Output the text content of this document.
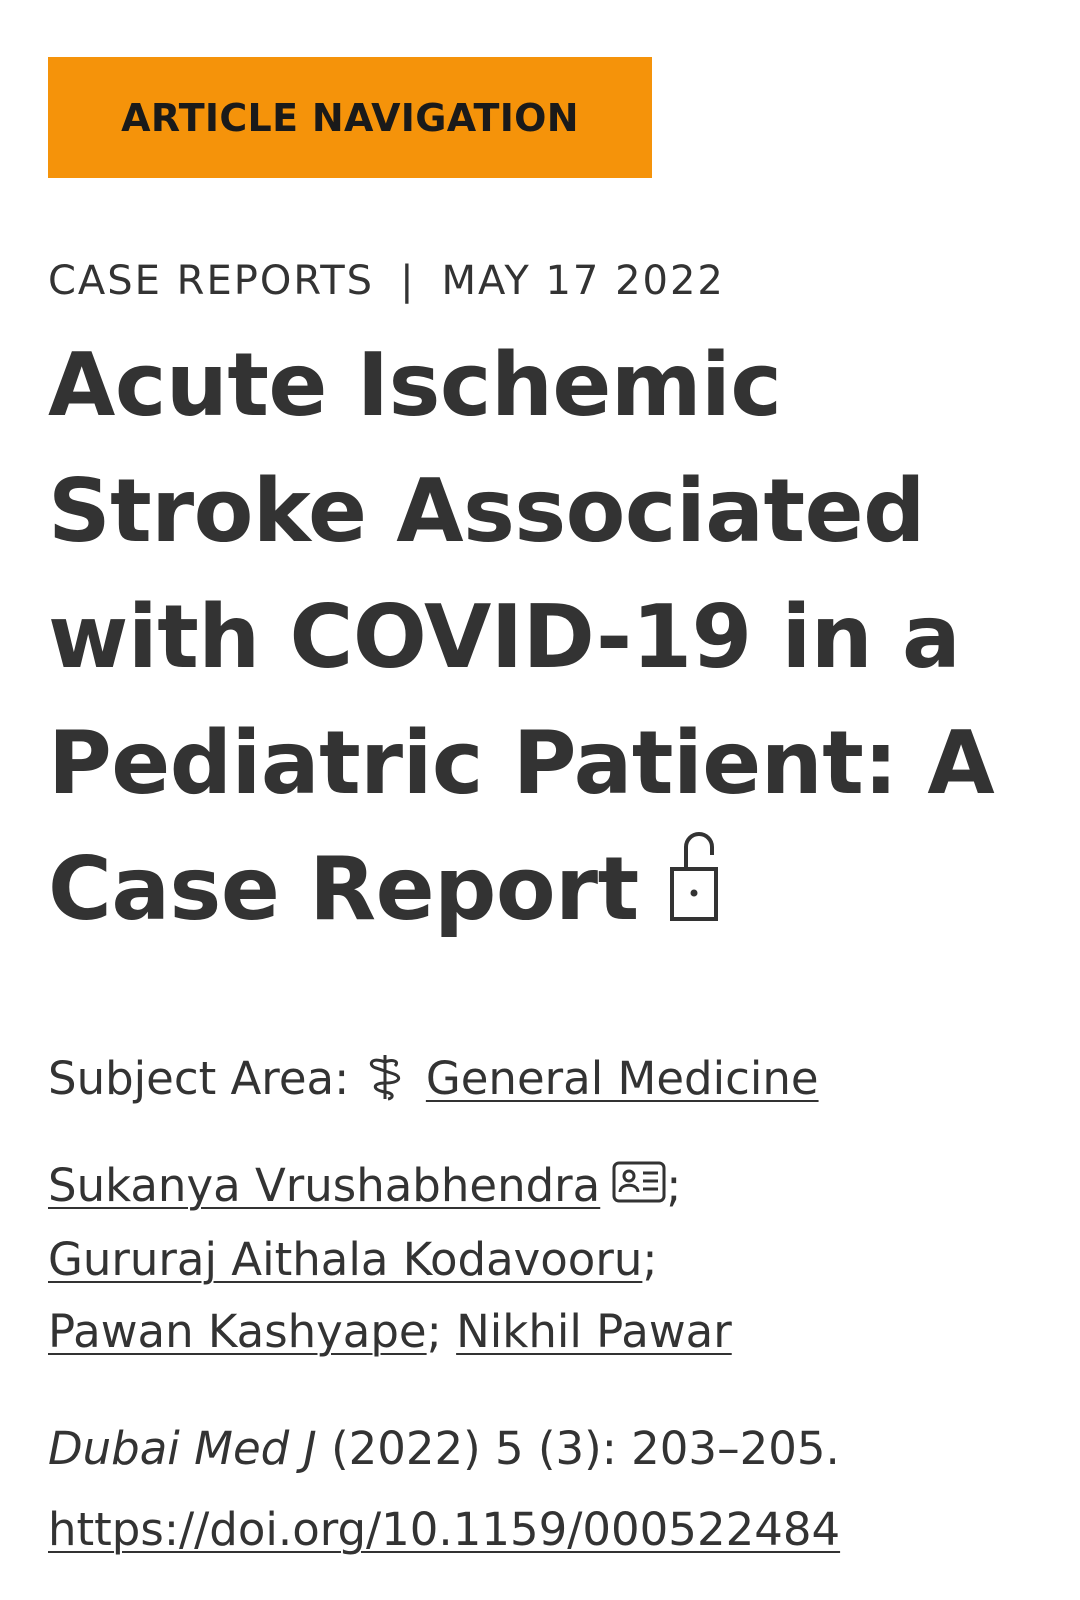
ARTICLE NAVIGATION
CASE REPORTS | MAY 17 2022
Acute Ischemic Stroke Associated with COVID-19 in a Pediatric Patient: A Case Report
Subject Area: General Medicine
Sukanya Vrushabhendra ;
Gururaj Aithala Kodavooru;
Pawan Kashyape; Nikhil Pawar
Dubai Med J (2022) 5 (3): 203–205.
https://doi.org/10.1159/000522484
